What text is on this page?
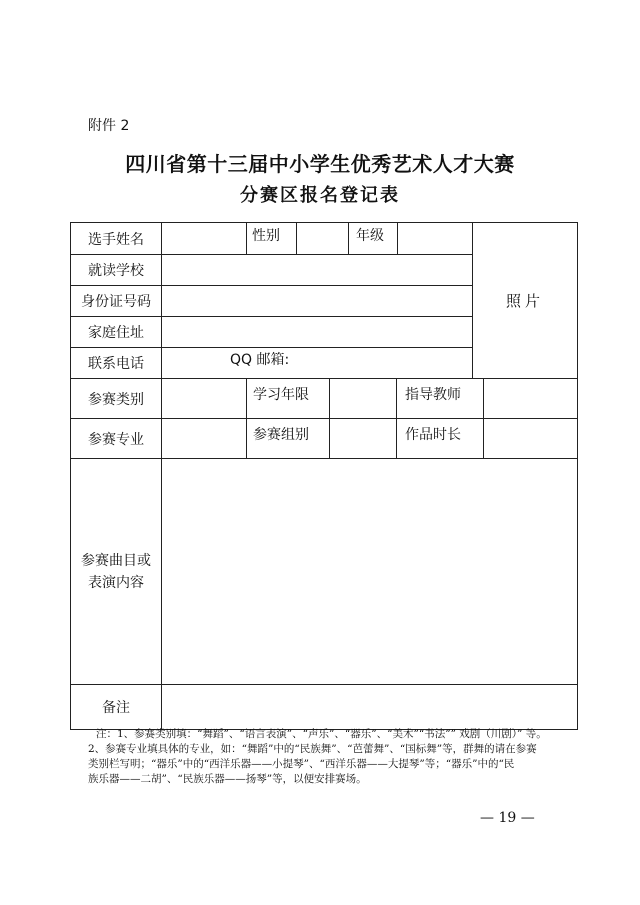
附件 2
四川省第十三届中小学生优秀艺术人才大赛
分赛区报名登记表
选手姓名	性别	年级
就读学校
身份证号码
家庭住址
联系电话	QQ 邮箱:
照片
参赛类别	学习年限	指导教师
参赛专业	参赛组别	作品时长
参赛曲目或
表演内容
备注
注：1、参赛类别填：“舞蹈”、“语言表演”、“声乐”、“器乐”、“美术”“书法”” 戏剧（川剧）” 等。
2、参赛专业填具体的专业，如：“舞蹈”中的“民族舞”、“芭蕾舞”、“国标舞”等，群舞的请在参赛
类别栏写明；“器乐”中的“西洋乐器——小提琴”、“西洋乐器——大提琴”等；“器乐”中的“民
族乐器——二胡”、“民族乐器——扬琴”等，以便安排赛场。
— 19 —
